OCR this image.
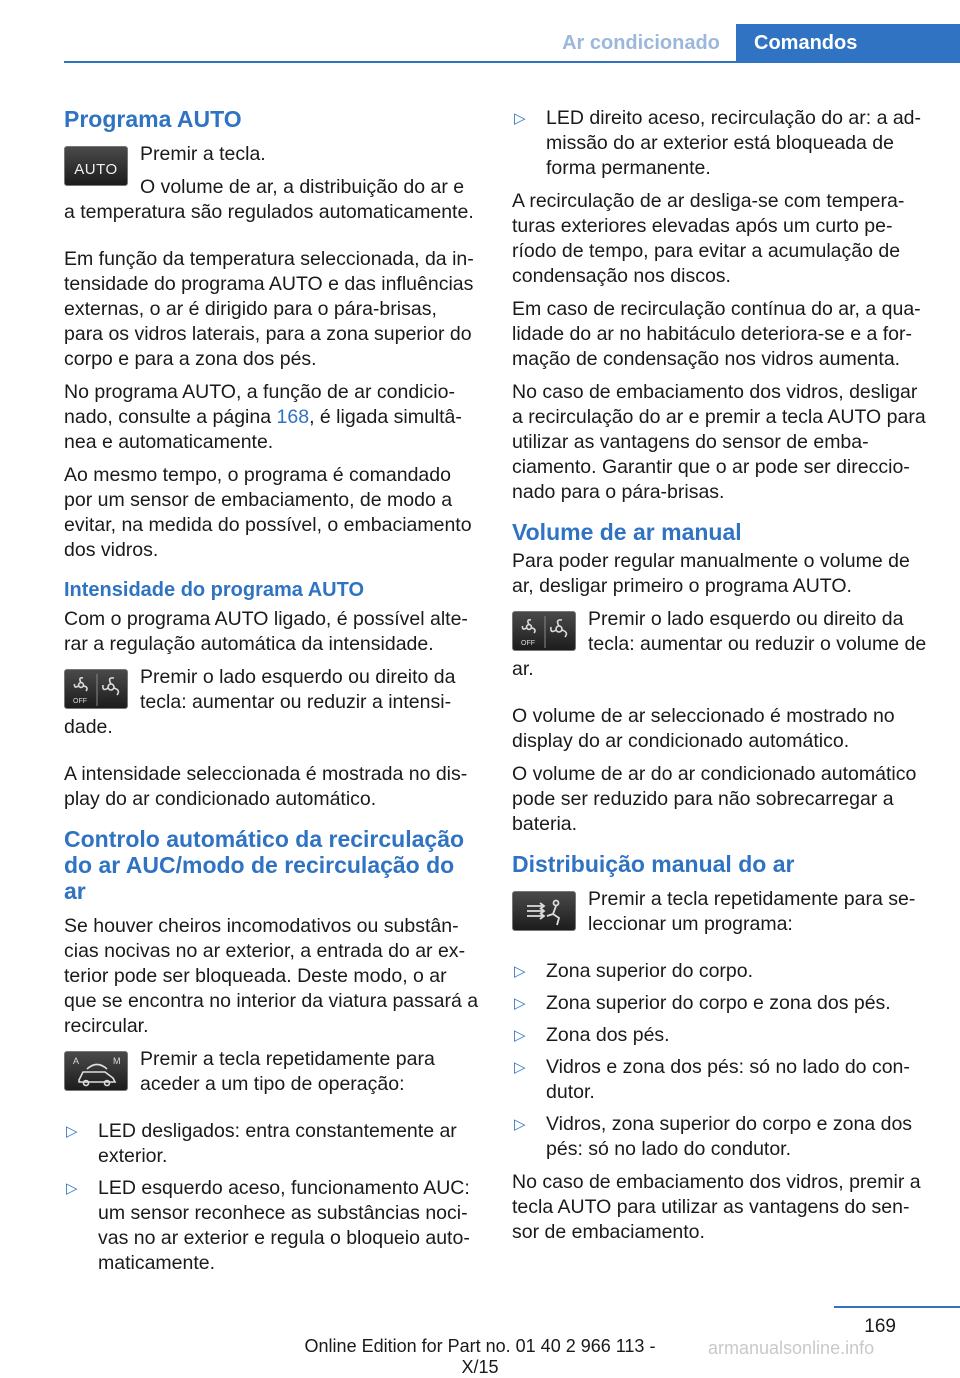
Ar condicionado	Comandos
Programa AUTO
AUTO

Premir a tecla.

O volume de ar, a distribuição do ar e a temperatura são regulados automaticamente.

Em função da temperatura seleccionada, da intensidade do programa AUTO e das influências externas, o ar é dirigido para o pára-brisas, para os vidros laterais, para a zona superior do corpo e para a zona dos pés.

No programa AUTO, a função de ar condicionado, consulte a página 168, é ligada simultânea e automaticamente.

Ao mesmo tempo, o programa é comandado por um sensor de embaciamento, de modo a evitar, na medida do possível, o embaciamento dos vidros.

Intensidade do programa AUTO

Com o programa AUTO ligado, é possível alterar a regulação automática da intensidade.

OFF

Premir o lado esquerdo ou direito da tecla: aumentar ou reduzir a intensidade.

A intensidade seleccionada é mostrada no display do ar condicionado automático.

Controlo automático da recirculação do ar AUC/modo de recirculação do ar

Se houver cheiros incomodativos ou substâncias nocivas no ar exterior, a entrada do ar exterior pode ser bloqueada. Deste modo, o ar que se encontra no interior da viatura passará a recircular.

A	M	Premir a tecla repetidamente para aceder a um tipo de operação:

▷ LED desligados: entra constantemente ar exterior.
▷ LED esquerdo aceso, funcionamento AUC: um sensor reconhece as substâncias nocivas no ar exterior e regula o bloqueio automaticamente.
▷ LED direito aceso, recirculação do ar: a admissão do ar exterior está bloqueada de forma permanente.

A recirculação de ar desliga-se com temperaturas exteriores elevadas após um curto período de tempo, para evitar a acumulação de condensação nos discos.

Em caso de recirculação contínua do ar, a qualidade do ar no habitáculo deteriora-se e a formação de condensação nos vidros aumenta.

No caso de embaciamento dos vidros, desligar a recirculação do ar e premir a tecla AUTO para utilizar as vantagens do sensor de embaciamento. Garantir que o ar pode ser direccionado para o pára-brisas.

Volume de ar manual

Para poder regular manualmente o volume de ar, desligar primeiro o programa AUTO.

OFF

Premir o lado esquerdo ou direito da tecla: aumentar ou reduzir o volume de ar.

O volume de ar seleccionado é mostrado no display do ar condicionado automático.

O volume de ar do ar condicionado automático pode ser reduzido para não sobrecarregar a bateria.

Distribuição manual do ar

Premir a tecla repetidamente para seleccionar um programa:

▷ Zona superior do corpo.
▷ Zona superior do corpo e zona dos pés.
▷ Zona dos pés.
▷ Vidros e zona dos pés: só no lado do condutor.
▷ Vidros, zona superior do corpo e zona dos pés: só no lado do condutor.

No caso de embaciamento dos vidros, premir a tecla AUTO para utilizar as vantagens do sensor de embaciamento.

169
Online Edition for Part no. 01 40 2 966 113 - X/15
armanualsonline.info
